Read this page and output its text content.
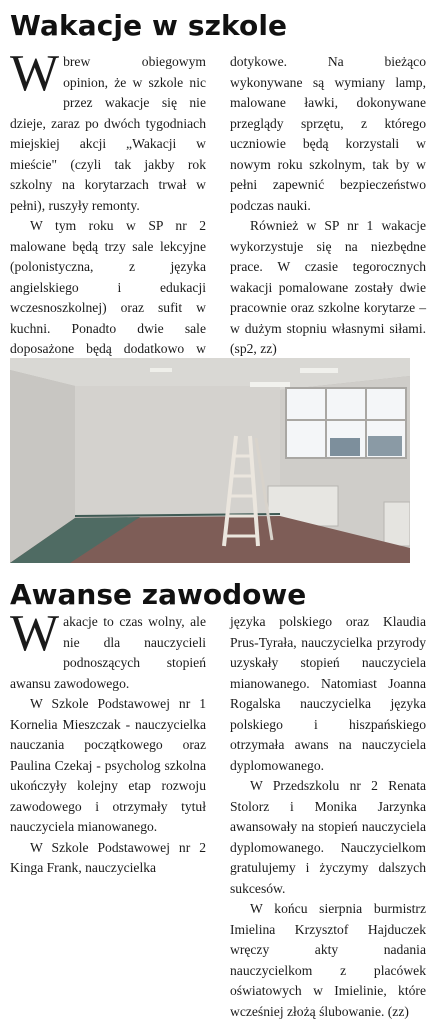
Wakacje w szkole

Wbrew obiegowym opinion, że w szkole nic przez wakacje się nie dzieje, zaraz po dwóch tygodniach miejskiej akcji „Wakacji w mieście" (czyli tak jakby rok szkolny na korytarzach trwał w pełni), ruszyły remonty.

W tym roku w SP nr 2 malowane będą trzy sale lekcyjne (polonistyczna, z języka angielskiego i edukacji wczesnoszkolnej) oraz sufit w kuchni. Ponadto dwie sale doposażone będą dodatkowo w

dotykowe. Na bieżąco wykonywane są wymiany lamp, malowane ławki, dokonywane przeglądy sprzętu, z którego uczniowie będą korzystali w nowym roku szkolnym, tak by w pełni zapewnić bezpieczeństwo podczas nauki.

Również w SP nr 1 wakacje wykorzystuje się na niezbędne prace. W czasie tegorocznych wakacji pomalowane zostały dwie pracownie oraz szkolne korytarze – w dużym stopniu własnymi siłami. (sp2, zz)

Awanse zawodowe

Wakacje to czas wolny, ale nie dla nauczycieli podnoszących stopień awansu zawodowego.

W Szkole Podstawowej nr 1 Kornelia Mieszczak - nauczycielka nauczania początkowego oraz Paulina Czekaj - psycholog szkolna ukończyły kolejny etap rozwoju zawodowego i otrzymały tytuł nauczyciela mianowanego.

W Szkole Podstawowej nr 2 Kinga Frank, nauczycielka

języka polskiego oraz Klaudia Prus-Tyrała, nauczycielka przyrody uzyskały stopień nauczyciela mianowanego. Natomiast Joanna Rogalska nauczycielka języka polskiego i hiszpańskiego otrzymała awans na nauczyciela dyplomowanego.

W Przedszkolu nr 2 Renata Stolorz i Monika Jarzynka awansowały na stopień nauczyciela dyplomowanego. Nauczycielkom gratulujemy i życzymy dalszych sukcesów.

W końcu sierpnia burmistrz Imielina Krzysztof Hajduczek wręczy akty nadania nauczycielkom z placówek oświatowych w Imielinie, które wcześniej złożą ślubowanie. (zz)
